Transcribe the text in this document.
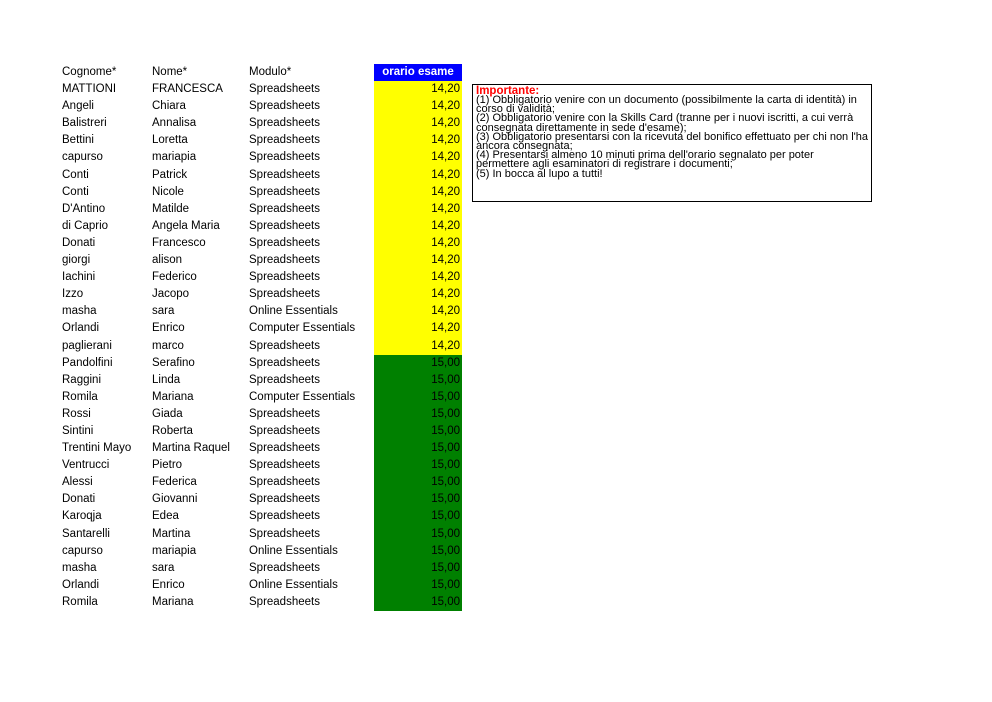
Cognome*	Nome*	Modulo*	orario esame
MATTIONI	FRANCESCA	Spreadsheets	14,20
Angeli	Chiara	Spreadsheets	14,20
Balistreri	Annalisa	Spreadsheets	14,20
Bettini	Loretta	Spreadsheets	14,20
capurso	mariapia	Spreadsheets	14,20
Conti	Patrick	Spreadsheets	14,20
Conti	Nicole	Spreadsheets	14,20
D'Antino	Matilde	Spreadsheets	14,20
di Caprio	Angela Maria	Spreadsheets	14,20
Donati	Francesco	Spreadsheets	14,20
giorgi	alison	Spreadsheets	14,20
Iachini	Federico	Spreadsheets	14,20
Izzo	Jacopo	Spreadsheets	14,20
masha	sara	Online Essentials	14,20
Orlandi	Enrico	Computer Essentials	14,20
paglierani	marco	Spreadsheets	14,20
Pandolfini	Serafino	Spreadsheets	15,00
Raggini	Linda	Spreadsheets	15,00
Romila	Mariana	Computer Essentials	15,00
Rossi	Giada	Spreadsheets	15,00
Sintini	Roberta	Spreadsheets	15,00
Trentini Mayo	Martina Raquel	Spreadsheets	15,00
Ventrucci	Pietro	Spreadsheets	15,00
Alessi	Federica	Spreadsheets	15,00
Donati	Giovanni	Spreadsheets	15,00
Karoqja	Edea	Spreadsheets	15,00
Santarelli	Martina	Spreadsheets	15,00
capurso	mariapia	Online Essentials	15,00
masha	sara	Spreadsheets	15,00
Orlandi	Enrico	Online Essentials	15,00
Romila	Mariana	Spreadsheets	15,00

Importante:

(1) Obbligatorio venire con un documento (possibilmente la carta di identità) in corso di validità;

(2) Obbligatorio venire con la Skills Card (tranne per i nuovi iscritti, a cui verrà consegnata direttamente in sede d'esame);

(3) Obbligatorio presentarsi con la ricevuta del bonifico effettuato per chi non l'ha ancora consegnata;

(4) Presentarsi almeno 10 minuti prima dell'orario segnalato per poter permettere agli esaminatori di registrare i documenti;

(5) In bocca al lupo a tutti!
